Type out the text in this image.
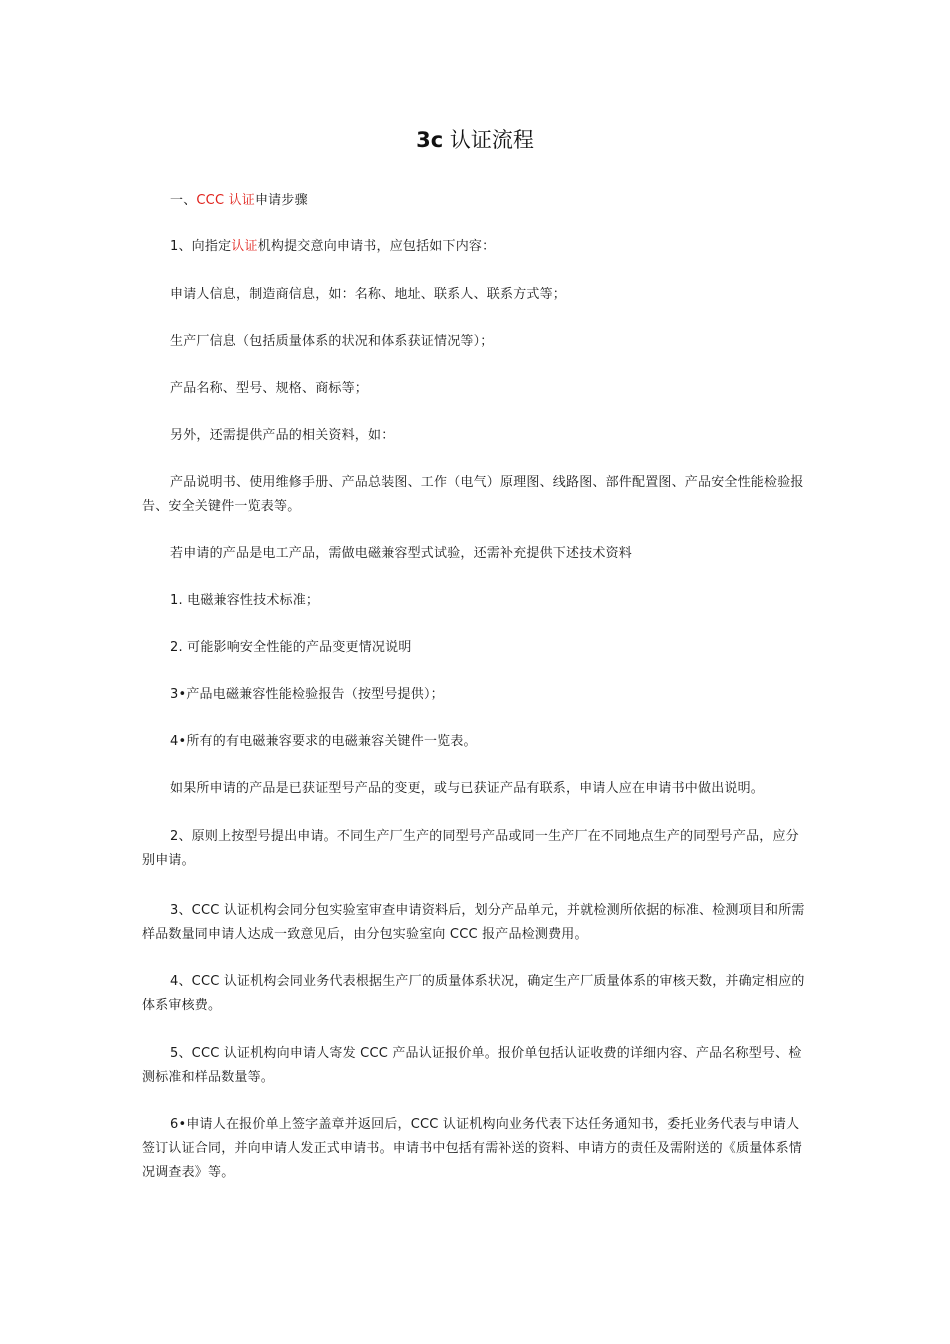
3c 认证流程

一、CCC 认证申请步骤

1、向指定认证机构提交意向申请书，应包括如下内容：

申请人信息，制造商信息，如：名称、地址、联系人、联系方式等；

生产厂信息（包括质量体系的状况和体系获证情况等）；

产品名称、型号、规格、商标等；

另外，还需提供产品的相关资料，如：

产品说明书、使用维修手册、产品总装图、工作（电气）原理图、线路图、部件配置图、产品安全性能检验报告、安全关键件一览表等。

若申请的产品是电工产品，需做电磁兼容型式试验，还需补充提供下述技术资料

1. 电磁兼容性技术标准；

2. 可能影响安全性能的产品变更情况说明

3•产品电磁兼容性能检验报告（按型号提供）；

4•所有的有电磁兼容要求的电磁兼容关键件一览表。

如果所申请的产品是已获证型号产品的变更，或与已获证产品有联系，申请人应在申请书中做出说明。

2、原则上按型号提出申请。不同生产厂生产的同型号产品或同一生产厂在不同地点生产的同型号产品，应分别申请。

3、CCC 认证机构会同分包实验室审查申请资料后，划分产品单元，并就检测所依据的标准、检测项目和所需样品数量同申请人达成一致意见后，由分包实验室向 CCC 报产品检测费用。

4、CCC 认证机构会同业务代表根据生产厂的质量体系状况，确定生产厂质量体系的审核天数，并确定相应的体系审核费。

5、CCC 认证机构向申请人寄发 CCC 产品认证报价单。报价单包括认证收费的详细内容、产品名称型号、检测标准和样品数量等。

6•申请人在报价单上签字盖章并返回后，CCC 认证机构向业务代表下达任务通知书，委托业务代表与申请人签订认证合同，并向申请人发正式申请书。申请书中包括有需补送的资料、申请方的责任及需附送的《质量体系情况调查表》等。
